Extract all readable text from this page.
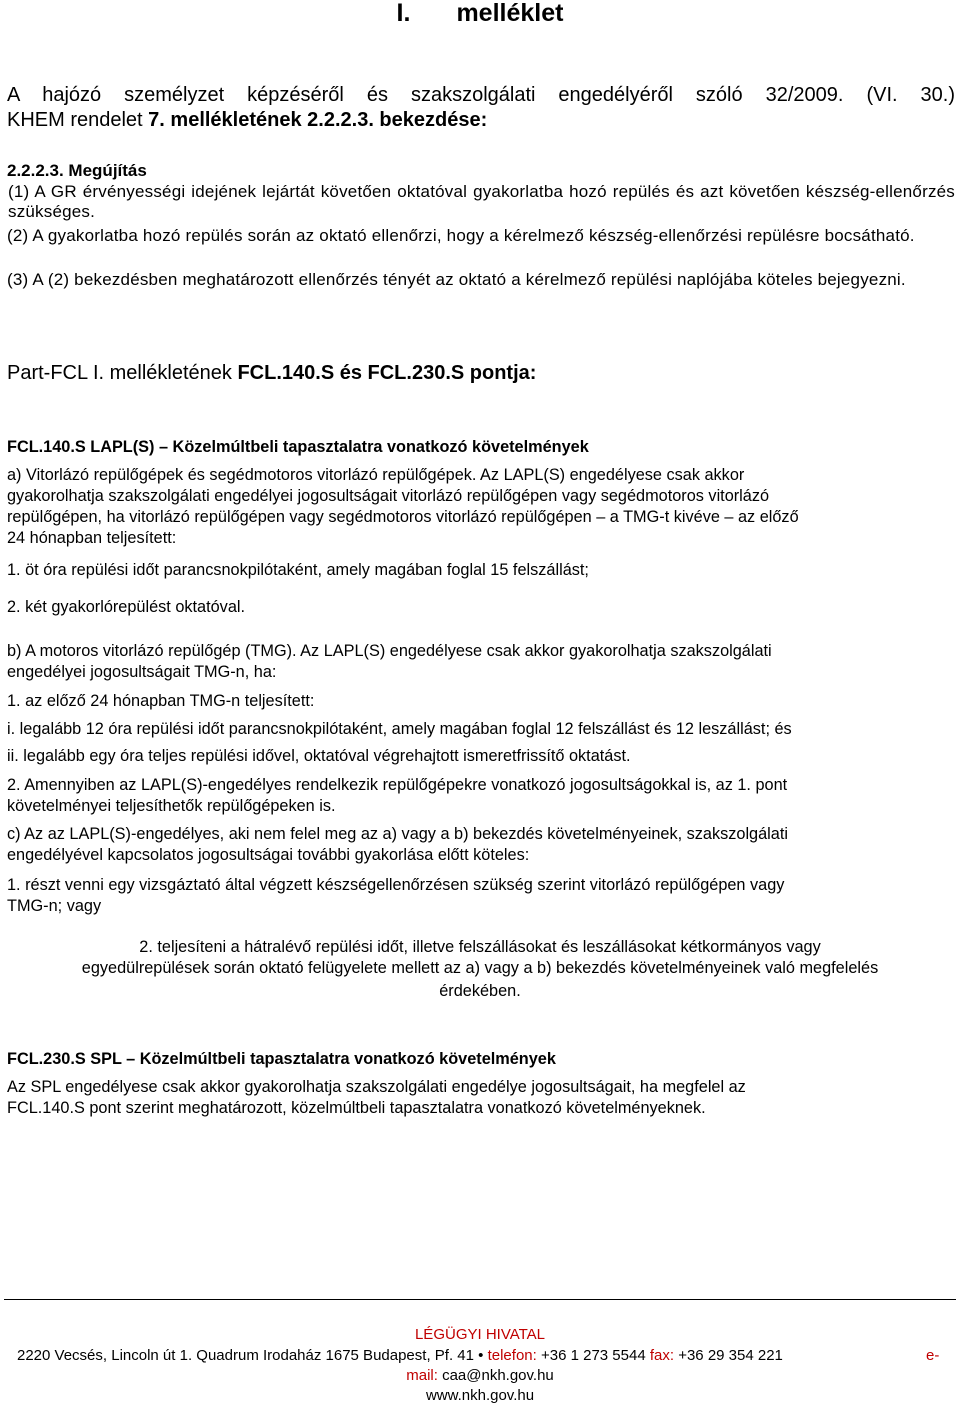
I. melléklet
A hajózó személyzet képzéséről és szakszolgálati engedélyéről szóló 32/2009. (VI. 30.)
KHEM rendelet 7. mellékletének 2.2.2.3. bekezdése:
2.2.2.3. Megújítás
(1) A GR érvényességi idejének lejártát követően oktatóval gyakorlatba hozó repülés és azt követően készség-ellenőrzés szükséges.
(2) A gyakorlatba hozó repülés során az oktató ellenőrzi, hogy a kérelmező készség-ellenőrzési repülésre bocsátható.
(3) A (2) bekezdésben meghatározott ellenőrzés tényét az oktató a kérelmező repülési naplójába köteles bejegyezni.
Part-FCL I. mellékletének FCL.140.S és FCL.230.S pontja:
FCL.140.S LAPL(S) – Közelmúltbeli tapasztalatra vonatkozó követelmények
a) Vitorlázó repülőgépek és segédmotoros vitorlázó repülőgépek. Az LAPL(S) engedélyese csak akkor
gyakorolhatja szakszolgálati engedélyei jogosultságait vitorlázó repülőgépen vagy segédmotoros vitorlázó
repülőgépen, ha vitorlázó repülőgépen vagy segédmotoros vitorlázó repülőgépen – a TMG-t kivéve – az előző
24 hónapban teljesített:
1. öt óra repülési időt parancsnokpilótaként, amely magában foglal 15 felszállást;
2. két gyakorlórepülést oktatóval.
b) A motoros vitorlázó repülőgép (TMG). Az LAPL(S) engedélyese csak akkor gyakorolhatja szakszolgálati
engedélyei jogosultságait TMG-n, ha:
1. az előző 24 hónapban TMG-n teljesített:
i. legalább 12 óra repülési időt parancsnokpilótaként, amely magában foglal 12 felszállást és 12 leszállást; és
ii. legalább egy óra teljes repülési idővel, oktatóval végrehajtott ismeretfrissítő oktatást.
2. Amennyiben az LAPL(S)-engedélyes rendelkezik repülőgépekre vonatkozó jogosultságokkal is, az 1. pont
követelményei teljesíthetők repülőgépeken is.
c) Az az LAPL(S)-engedélyes, aki nem felel meg az a) vagy a b) bekezdés követelményeinek, szakszolgálati
engedélyével kapcsolatos jogosultságai további gyakorlása előtt köteles:
1. részt venni egy vizsgáztató által végzett készségellenőrzésen szükség szerint vitorlázó repülőgépen vagy
TMG-n; vagy
2. teljesíteni a hátralévő repülési időt, illetve felszállásokat és leszállásokat kétkormányos vagy
egyedülrepülések során oktató felügyelete mellett az a) vagy a b) bekezdés követelményeinek való megfelelés
érdekében.
FCL.230.S SPL – Közelmúltbeli tapasztalatra vonatkozó követelmények
Az SPL engedélyese csak akkor gyakorolhatja szakszolgálati engedélye jogosultságait, ha megfelel az
FCL.140.S pont szerint meghatározott, közelmúltbeli tapasztalatra vonatkozó követelményeknek.
LÉGÜGYI HIVATAL
2220 Vecsés, Lincoln út 1. Quadrum Irodaház 1675 Budapest, Pf. 41 • telefon: +36 1 273 5544 fax: +36 29 354 221	e-
mail: caa@nkh.gov.hu
www.nkh.gov.hu
